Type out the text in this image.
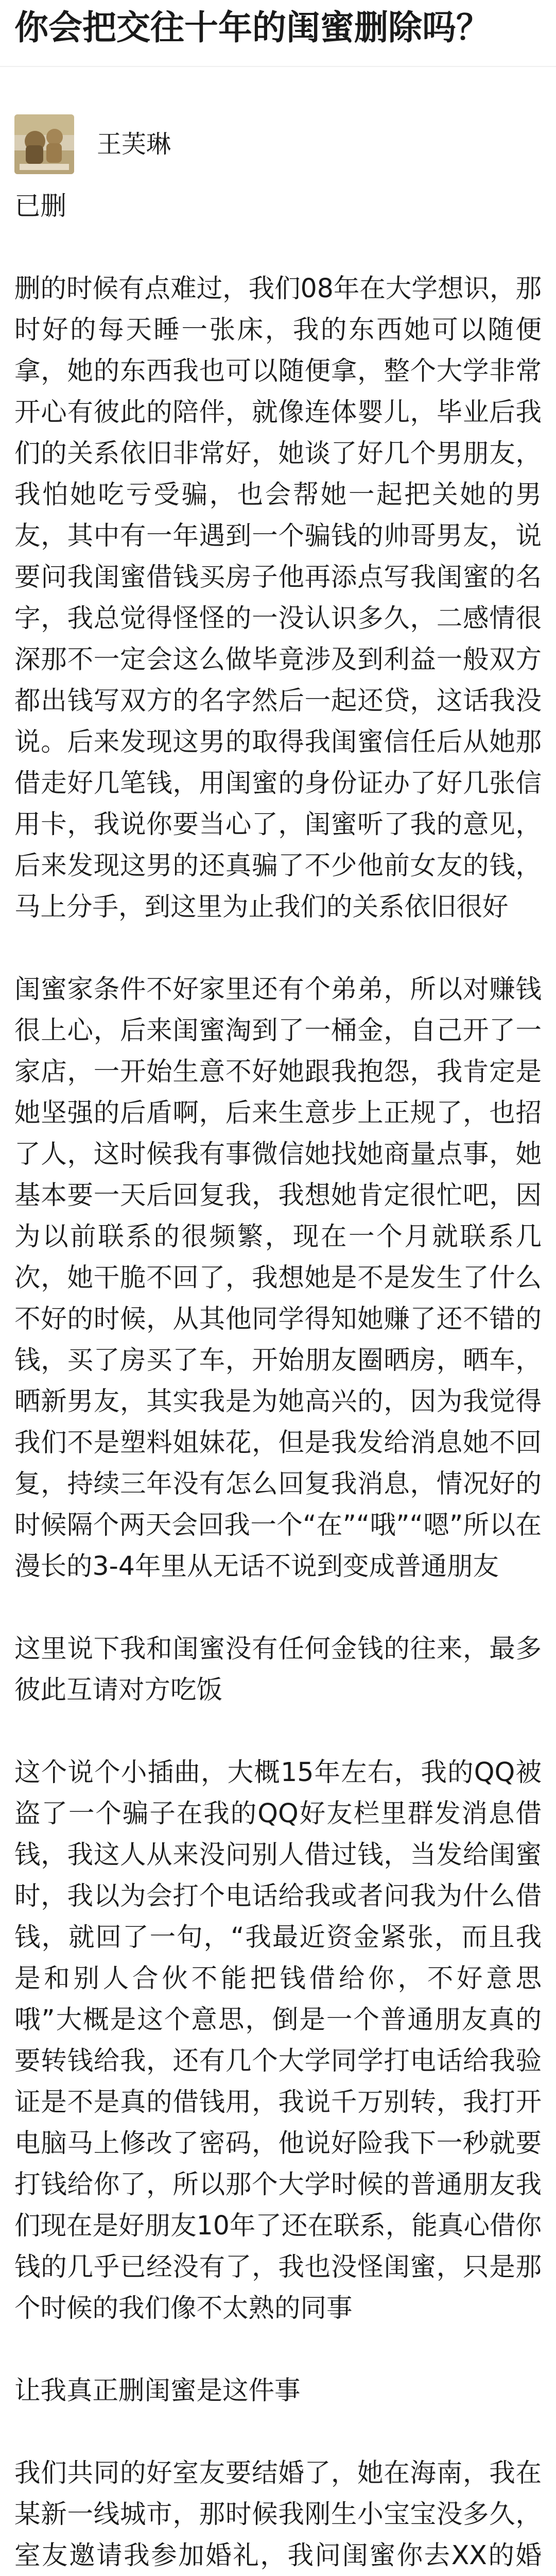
你会把交往十年的闺蜜删除吗？
王芙琳

已删

删的时候有点难过，我们08年在大学想识，那时好的每天睡一张床，我的东西她可以随便拿，她的东西我也可以随便拿，整个大学非常开心有彼此的陪伴，就像连体婴儿，毕业后我们的关系依旧非常好，她谈了好几个男朋友，我怕她吃亏受骗，也会帮她一起把关她的男友，其中有一年遇到一个骗钱的帅哥男友，说要问我闺蜜借钱买房子他再添点写我闺蜜的名字，我总觉得怪怪的一没认识多久，二感情很深那不一定会这么做毕竟涉及到利益一般双方都出钱写双方的名字然后一起还贷，这话我没说。后来发现这男的取得我闺蜜信任后从她那借走好几笔钱，用闺蜜的身份证办了好几张信用卡，我说你要当心了，闺蜜听了我的意见，后来发现这男的还真骗了不少他前女友的钱，马上分手，到这里为止我们的关系依旧很好

闺蜜家条件不好家里还有个弟弟，所以对赚钱很上心，后来闺蜜淘到了一桶金，自己开了一家店，一开始生意不好她跟我抱怨，我肯定是她坚强的后盾啊，后来生意步上正规了，也招了人，这时候我有事微信她找她商量点事，她基本要一天后回复我，我想她肯定很忙吧，因为以前联系的很频繁，现在一个月就联系几次，她干脆不回了，我想她是不是发生了什么不好的时候，从其他同学得知她赚了还不错的钱，买了房买了车，开始朋友圈晒房，晒车，晒新男友，其实我是为她高兴的，因为我觉得我们不是塑料姐妹花，但是我发给消息她不回复，持续三年没有怎么回复我消息，情况好的时候隔个两天会回我一个“在”“哦”“嗯”所以在漫长的3-4年里从无话不说到变成普通朋友

这里说下我和闺蜜没有任何金钱的往来，最多彼此互请对方吃饭

这个说个小插曲，大概15年左右，我的QQ被盗了一个骗子在我的QQ好友栏里群发消息借钱，我这人从来没问别人借过钱，当发给闺蜜时，我以为会打个电话给我或者问我为什么借钱，就回了一句，“我最近资金紧张，而且我是和别人合伙不能把钱借给你，不好意思哦”大概是这个意思，倒是一个普通朋友真的要转钱给我，还有几个大学同学打电话给我验证是不是真的借钱用，我说千万别转，我打开电脑马上修改了密码，他说好险我下一秒就要打钱给你了，所以那个大学时候的普通朋友我们现在是好朋友10年了还在联系，能真心借你钱的几乎已经没有了，我也没怪闺蜜，只是那个时候的我们像不太熟的同事

让我真正删闺蜜是这件事

我们共同的好室友要结婚了，她在海南，我在某新一线城市，那时候我刚生小宝宝没多久，室友邀请我参加婚礼，我问闺蜜你去XX的婚
